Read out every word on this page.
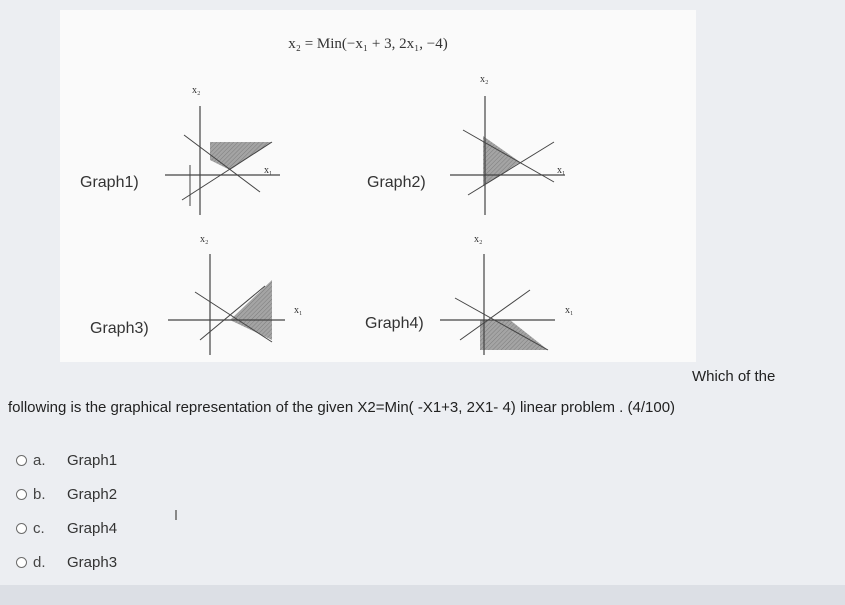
x₂ = Min(−x₁ + 3, 2x₁, −4)
Graph1)
x₂
x₁
Graph2)
x₂
x₁
Graph3)
x₂
x₁
Graph4)
x₂
x₁
Which of the
following is the graphical representation of the given X2=Min( -X1+3, 2X1- 4) linear problem . (4/100)
a.	Graph1
b.	Graph2
c.	Graph4
d.	Graph3
